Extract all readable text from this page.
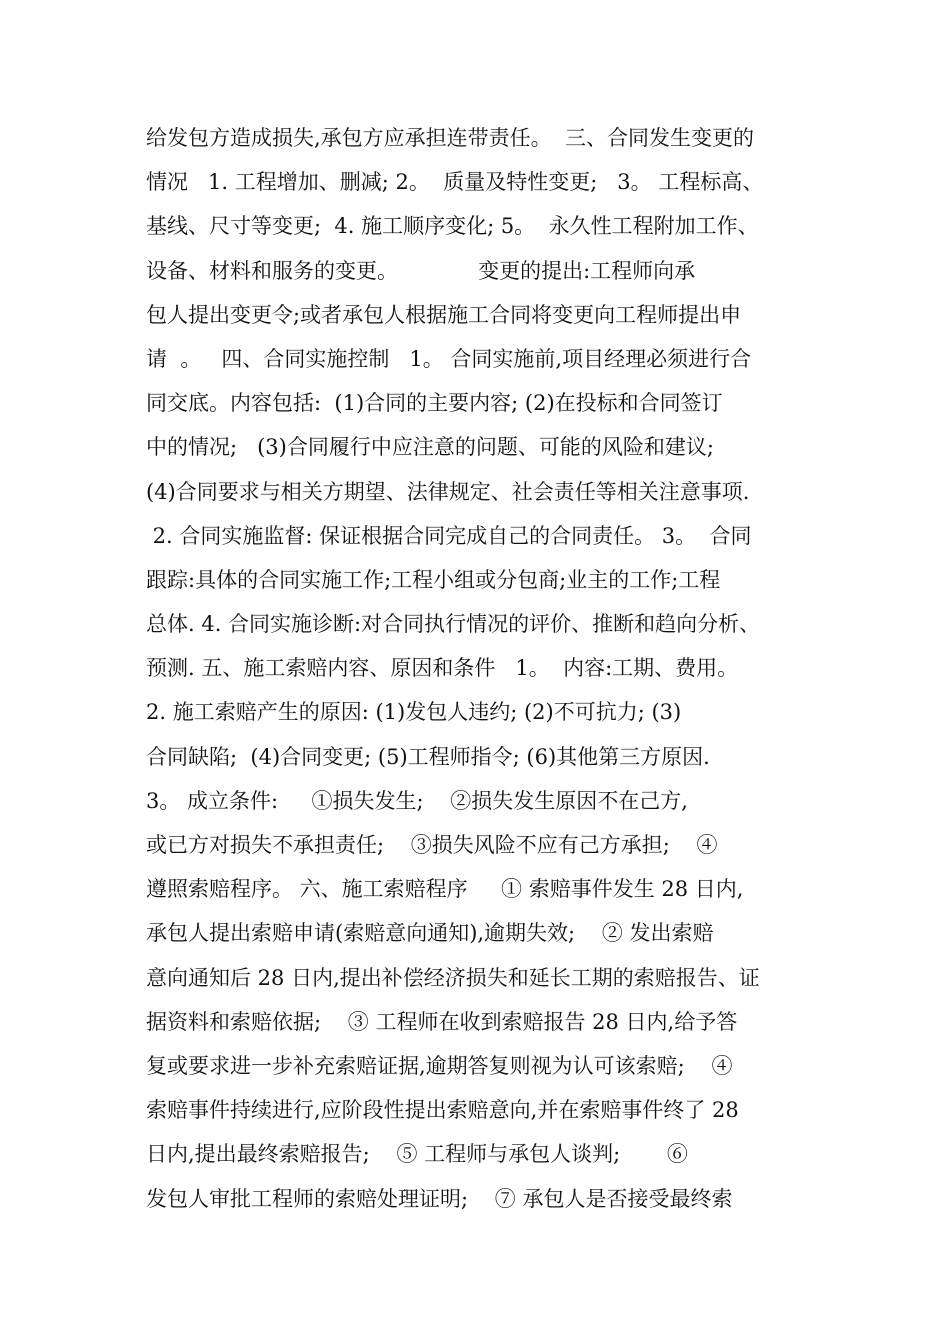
给发包方造成损失,承包方应承担连带责任。  三、合同发生变更的
情况   1. 工程增加、删减; 2。  质量及特性变更;   3。 工程标高、
基线、尺寸等变更;  4. 施工顺序变化; 5。  永久性工程附加工作、
设备、材料和服务的变更。            变更的提出:工程师向承
包人提出变更令;或者承包人根据施工合同将变更向工程师提出申
请  。   四、合同实施控制   1。 合同实施前,项目经理必须进行合
同交底。内容包括:  (1)合同的主要内容; (2)在投标和合同签订
中的情况;   (3)合同履行中应注意的问题、可能的风险和建议;
(4)合同要求与相关方期望、法律规定、社会责任等相关注意事项.
2. 合同实施监督: 保证根据合同完成自己的合同责任。 3。  合同
跟踪:具体的合同实施工作;工程小组或分包商;业主的工作;工程
总体. 4. 合同实施诊断:对合同执行情况的评价、推断和趋向分析、
预测. 五、施工索赔内容、原因和条件   1。  内容:工期、费用。
2. 施工索赔产生的原因: (1)发包人违约; (2)不可抗力; (3)
合同缺陷;  (4)合同变更; (5)工程师指令; (6)其他第三方原因.
3。 成立条件:     ①损失发生;    ②损失发生原因不在己方,
或已方对损失不承担责任;    ③损失风险不应有己方承担;    ④
遵照索赔程序。 六、施工索赔程序     ① 索赔事件发生 28 日内,
承包人提出索赔申请(索赔意向通知),逾期失效;    ② 发出索赔
意向通知后 28 日内,提出补偿经济损失和延长工期的索赔报告、证
据资料和索赔依据;    ③ 工程师在收到索赔报告 28 日内,给予答
复或要求进一步补充索赔证据,逾期答复则视为认可该索赔;    ④
索赔事件持续进行,应阶段性提出索赔意向,并在索赔事件终了 28
日内,提出最终索赔报告;    ⑤ 工程师与承包人谈判;       ⑥
发包人审批工程师的索赔处理证明;    ⑦ 承包人是否接受最终索
